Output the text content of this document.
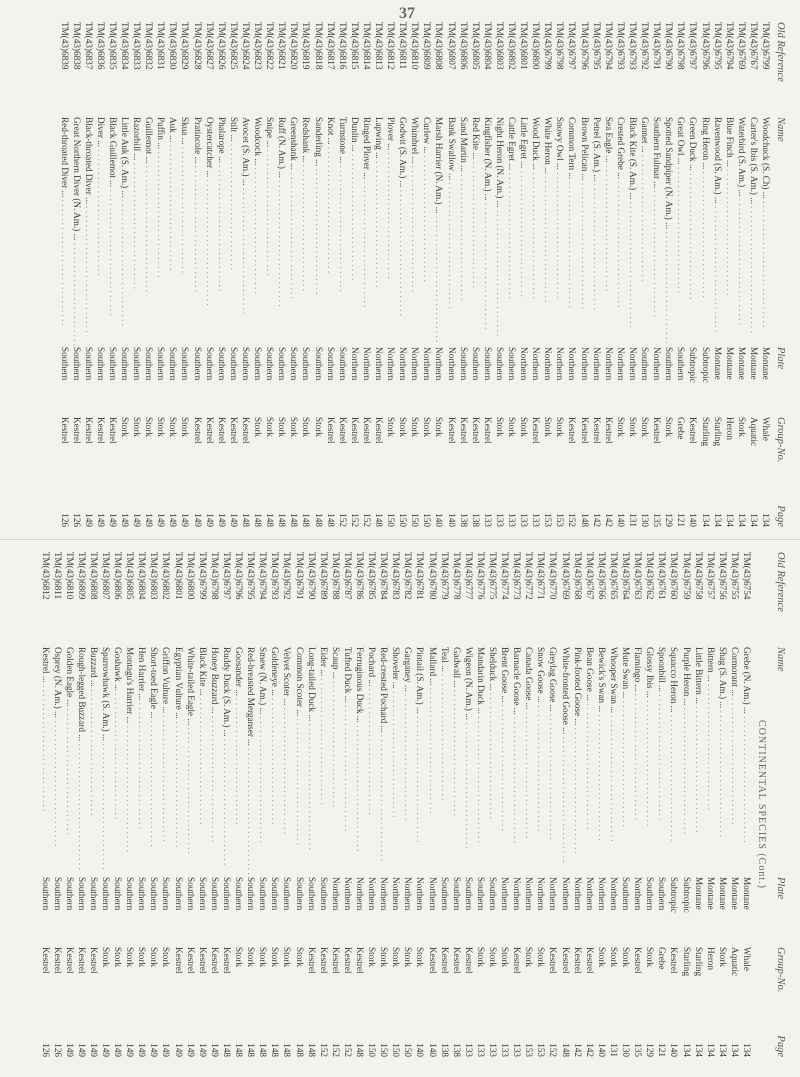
37
Old Reference
Name
Plate
Group-No.
Page
TM(43)6799
Woodchuck (S. Ch) ... . . .
Montane
Whale
134
TM(43)6767
Carter's Ibis (S. Am.) ... . . .
Montane
Aquatic
134
TM(43)6769
Waterbird (S. Am.) ... . . .
Montane
Stork
134
TM(43)6794
Blue Finch ... . . .
Montane
Heron
134
TM(43)6795
Ravenwood (S. Am.) ... . . .
Montane
Starling
134
TM(43)6796
Ring Heron ... . . .
Subtropic
Starling
134
TM(43)6797
Green Duck ... . . .
Subtropic
Kestrel
140
TM(43)6798
Great Owl ... . . .
Southern
Grebe
121
TM(43)6790
Spotted Sandpiper (N. Am.) ... . . .
Southern
Stork
129
TM(43)6791
Southern Fulmar ... . . .
Northern
Kestrel
135
TM(43)6792
Gannet ... . . .
Southern
Stork
130
TM(43)6793
Black Kite (S. Am.) ... . . .
Northern
Stork
131
TM(43)6793
Crested Grebe ... . . .
Northern
Stork
140
TM(43)6794
Sea Eagle ... . . .
Northern
Kestrel
142
TM(43)6795
Petrel (S. Am.) ... . . .
Northern
Kestrel
142
TM(43)6796
Brown Pelican ... . . .
Northern
Kestrel
148
TM(43)6797
Common Tern ... . . .
Northern
Kestrel
152
TM(43)6798
Snowy Owl ... . . .
Northern
Stork
153
TM(43)6799
White Heron ... . . .
Northern
Stork
153
TM(43)6800
Wood Duck ... . . .
Northern
Kestrel
133
TM(43)6801
Little Egret ... . . .
Northern
Stork
133
TM(43)6802
Cattle Egret ... . . .
Southern
Stork
133
TM(43)6803
Night Heron (N. Am.) ... . . .
Southern
Stork
133
TM(43)6804
Kingfisher (N. Am.) ... . . .
Southern
Kestrel
133
TM(43)6805
Red Kite ... . . .
Southern
Kestrel
138
TM(43)6806
Sand Martin ... . . .
Southern
Kestrel
138
TM(43)6807
Bank Swallow ... . . .
Northern
Kestrel
140
TM(43)6808
Marsh Harrier (N. Am.) ... . . .
Northern
Stork
140
TM(43)6809
Curlew ... . . .
Northern
Stork
150
TM(43)6810
Whimbrel ... . . .
Northern
Stork
150
TM(43)6811
Godwit (S. Am.) ... . . .
Northern
Stork
150
TM(43)6812
Plover ... . . .
Northern
Stork
150
TM(43)6813
Lapwing ... . . .
Northern
Kestrel
148
TM(43)6814
Ringed Plover ... . . .
Northern
Kestrel
152
TM(43)6815
Dunlin ... . . .
Northern
Kestrel
152
TM(43)6816
Turnstone ... . . .
Southern
Kestrel
152
TM(43)6817
Knot ... . . .
Southern
Kestrel
148
TM(43)6818
Sanderling ... . . .
Southern
Stork
148
TM(43)6819
Redshank ... . . .
Southern
Stork
148
TM(43)6820
Greenshank ... . . .
Southern
Stork
148
TM(43)6821
Ruff (N. Am.) ... . . .
Southern
Stork
148
TM(43)6822
Snipe ... . . .
Southern
Stork
148
TM(43)6823
Woodcock ... . . .
Southern
Stork
148
TM(43)6824
Avocet (S. Am.) ... . . .
Southern
Kestrel
148
TM(43)6825
Stilt ... . . .
Southern
Kestrel
149
TM(43)6826
Phalarope ... . . .
Southern
Kestrel
149
TM(43)6827
Oystercatcher ... . . .
Southern
Kestrel
149
TM(43)6828
Pratincole ... . . .
Southern
Kestrel
149
TM(43)6829
Skua ... . . .
Southern
Stork
149
TM(43)6830
Auk ... . . .
Southern
Stork
149
TM(43)6831
Puffin ... . . .
Southern
Stork
149
TM(43)6832
Guillemot ... . . .
Southern
Stork
149
TM(43)6833
Razorbill ... . . .
Southern
Stork
149
TM(43)6834
Little Auk (S. Am.) ... . . .
Southern
Stork
149
TM(43)6835
Black Guillemot ... . . .
Southern
Kestrel
149
TM(43)6836
Diver ... . . .
Southern
Kestrel
149
TM(43)6837
Black-throated Diver ... . . .
Southern
Kestrel
149
TM(43)6838
Great Northern Diver (N. Am.) ... . . .
Southern
Kestrel
126
TM(43)6839
Red-throated Diver ... . . .
Southern
Kestrel
126
Old Reference
Name
Plate
Group-No.
Page
CONTINENTAL SPECIES (Cont.)
TM(43)6754
Grebe (N. Am.) ... . . .
Montane
Whale
134
TM(43)6755
Cormorant ... . . .
Montane
Aquatic
134
TM(43)6756
Shag (S. Am.) ... . . .
Montane
Stork
134
TM(43)6757
Bittern ... . . .
Montane
Heron
134
TM(43)6758
Little Bittern ... . . .
Montane
Starling
134
TM(43)6759
Purple Heron ... . . .
Subtropic
Starling
134
TM(43)6760
Squacco Heron ... . . .
Subtropic
Kestrel
140
TM(43)6761
Spoonbill ... . . .
Southern
Grebe
121
TM(43)6762
Glossy Ibis ... . . .
Southern
Stork
129
TM(43)6763
Flamingo ... . . .
Northern
Kestrel
135
TM(43)6764
Mute Swan ... . . .
Southern
Stork
130
TM(43)6765
Whooper Swan ... . . .
Northern
Stork
131
TM(43)6766
Bewick's Swan ... . . .
Northern
Stork
140
TM(43)6767
Bean Goose ... . . .
Northern
Kestrel
142
TM(43)6768
Pink-footed Goose ... . . .
Northern
Kestrel
142
TM(43)6769
White-fronted Goose ... . . .
Northern
Kestrel
148
TM(43)6770
Greylag Goose ... . . .
Northern
Kestrel
152
TM(43)6771
Snow Goose ... . . .
Northern
Stork
153
TM(43)6772
Canada Goose ... . . .
Northern
Stork
153
TM(43)6773
Barnacle Goose ... . . .
Northern
Kestrel
133
TM(43)6774
Brent Goose ... . . .
Northern
Stork
133
TM(43)6775
Shelduck ... . . .
Southern
Stork
133
TM(43)6776
Mandarin Duck ... . . .
Southern
Stork
133
TM(43)6777
Wigeon (N. Am.) ... . . .
Southern
Kestrel
133
TM(43)6778
Gadwall ... . . .
Southern
Kestrel
138
TM(43)6779
Teal ... . . .
Southern
Kestrel
138
TM(43)6780
Mallard ... . . .
Northern
Kestrel
140
TM(43)6781
Pintail (S. Am.) ... . . .
Northern
Stork
140
TM(43)6782
Garganey ... . . .
Northern
Stork
150
TM(43)6783
Shoveler ... . . .
Northern
Stork
150
TM(43)6784
Red-crested Pochard ... . . .
Northern
Stork
150
TM(43)6785
Pochard ... . . .
Northern
Stork
150
TM(43)6786
Ferruginous Duck ... . . .
Northern
Kestrel
148
TM(43)6787
Tufted Duck ... . . .
Northern
Kestrel
152
TM(43)6788
Scaup ... . . .
Northern
Kestrel
152
TM(43)6789
Eider ... . . .
Southern
Kestrel
152
TM(43)6790
Long-tailed Duck ... . . .
Southern
Kestrel
148
TM(43)6791
Common Scoter ... . . .
Southern
Stork
148
TM(43)6792
Velvet Scoter ... . . .
Southern
Stork
148
TM(43)6793
Goldeneye ... . . .
Southern
Stork
148
TM(43)6794
Smew (N. Am.) ... . . .
Southern
Stork
148
TM(43)6795
Red-breasted Merganser ... . . .
Southern
Stork
148
TM(43)6796
Goosander ... . . .
Southern
Stork
148
TM(43)6797
Ruddy Duck (S. Am.) ... . . .
Southern
Kestrel
148
TM(43)6798
Honey Buzzard ... . . .
Southern
Kestrel
149
TM(43)6799
Black Kite ... . . .
Southern
Kestrel
149
TM(43)6800
White-tailed Eagle ... . . .
Southern
Kestrel
149
TM(43)6801
Egyptian Vulture ... . . .
Southern
Kestrel
149
TM(43)6802
Griffon Vulture ... . . .
Southern
Stork
149
TM(43)6803
Short-toed Eagle ... . . .
Southern
Stork
149
TM(43)6804
Hen Harrier ... . . .
Southern
Stork
149
TM(43)6805
Montagu's Harrier ... . . .
Southern
Stork
149
TM(43)6806
Goshawk ... . . .
Southern
Stork
149
TM(43)6807
Sparrowhawk (S. Am.) ... . . .
Southern
Stork
149
TM(43)6808
Buzzard ... . . .
Southern
Kestrel
149
TM(43)6809
Rough-legged Buzzard ... . . .
Southern
Kestrel
149
TM(43)6810
Golden Eagle ... . . .
Southern
Kestrel
149
TM(43)6811
Osprey (N. Am.) ... . . .
Southern
Kestrel
126
TM(43)6812
Kestrel ... . . .
Southern
Kestrel
126
